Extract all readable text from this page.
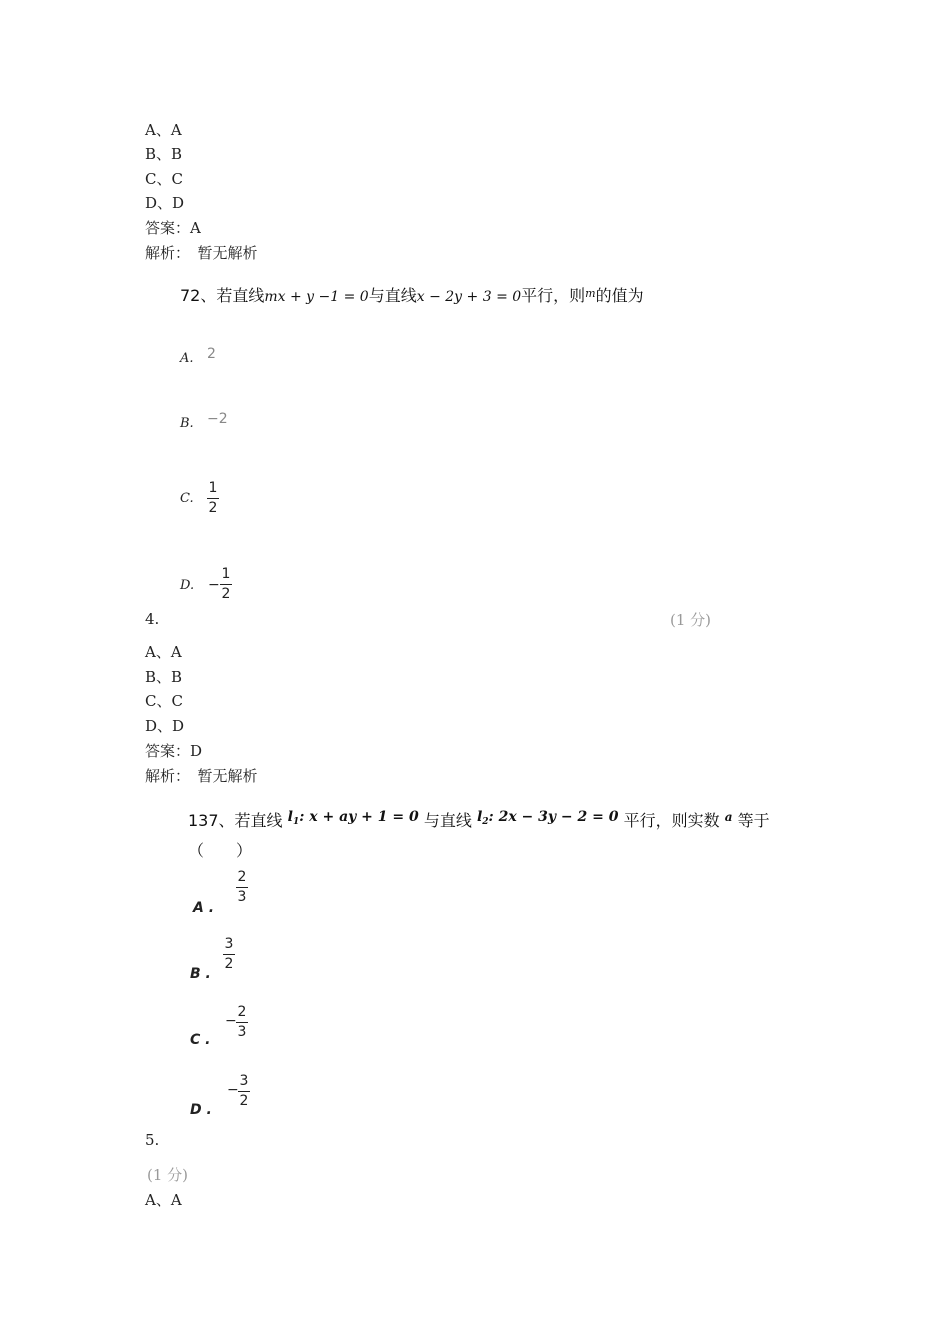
A、A
B、B
C、C
D、D
答案：A
解析：　暂无解析
72、若直线mx + y −1 = 0与直线x − 2y + 3 = 0平行，则$^m$的值为
A. 2
B. −2
C.
1
2
D. −
1
2
4.	(1 分)
A、A
B、B
C、C
D、D
答案：D
解析：　暂无解析
137、若直线 $l_1$: x + ay + 1 = 0 与直线 $l_2$: 2x − 3y − 2 = 0 平行，则实数 $^a$ 等于
（　　）
A .
2
3
B .
3
2
C .
−
2
3
D .
−
3
2
5.
(1 分)
A、A
